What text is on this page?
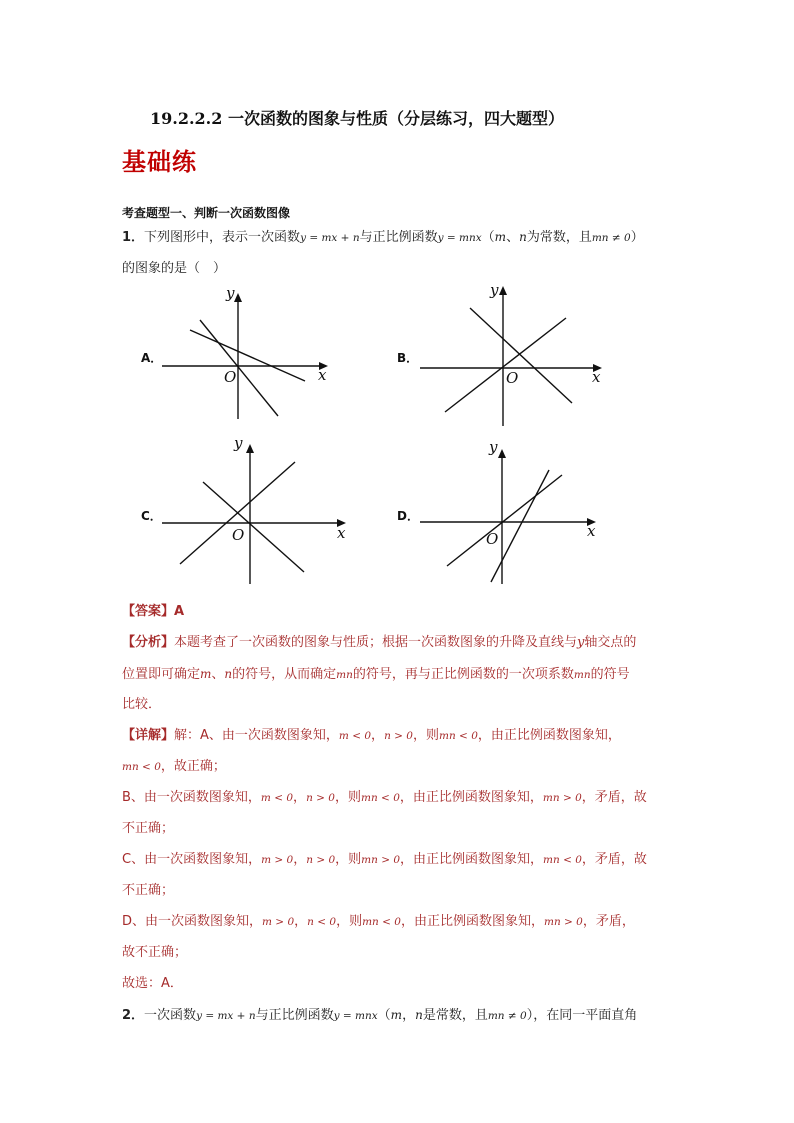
19.2.2.2 一次函数的图象与性质（分层练习，四大题型）
基础练
考查题型一、判断一次函数图像
1．下列图形中，表示一次函数y = mx + n与正比例函数y = mnx（m、n为常数，且mn ≠ 0）
的图象的是（　）
A．	B．
C．	D．
y
x
O
y
x
O
y
x
O
y
x
O
【答案】A
【分析】本题考查了一次函数的图象与性质；根据一次函数图象的升降及直线与y轴交点的
位置即可确定m、n的符号，从而确定mn的符号，再与正比例函数的一次项系数mn的符号
比较．
【详解】解：A、由一次函数图象知，m < 0，n > 0，则mn < 0，由正比例函数图象知，
mn < 0，故正确；
B、由一次函数图象知，m < 0，n > 0，则mn < 0，由正比例函数图象知，mn > 0，矛盾，故
不正确；
C、由一次函数图象知，m > 0，n > 0，则mn > 0，由正比例函数图象知，mn < 0，矛盾，故
不正确；
D、由一次函数图象知，m > 0，n < 0，则mn < 0，由正比例函数图象知，mn > 0，矛盾，
故不正确；
故选：A．
2．一次函数y = mx + n与正比例函数y = mnx（m，n是常数，且mn ≠ 0），在同一平面直角
